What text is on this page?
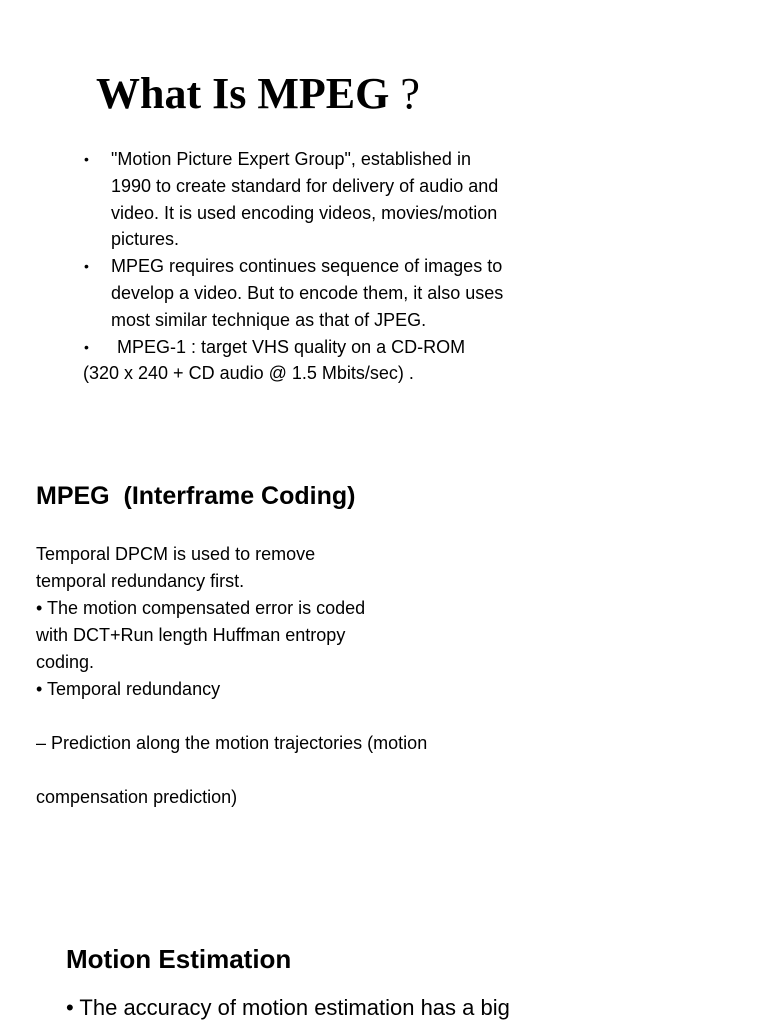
What Is MPEG ?
• "Motion Picture Expert Group", established in
1990 to create standard for delivery of audio and
video. It is used encoding videos, movies/motion
pictures.
• MPEG requires continues sequence of images to
develop a video. But to encode them, it also uses
most similar technique as that of JPEG.
• MPEG-1 : target VHS quality on a CD-ROM
(320 x 240 + CD audio @ 1.5 Mbits/sec) .
MPEG  (Interframe Coding)
Temporal DPCM is used to remove
temporal redundancy first.
• The motion compensated error is coded
with DCT+Run length Huffman entropy
coding.
• Temporal redundancy
– Prediction along the motion trajectories (motion
compensation prediction)
Motion Estimation
• The accuracy of motion estimation has a big
